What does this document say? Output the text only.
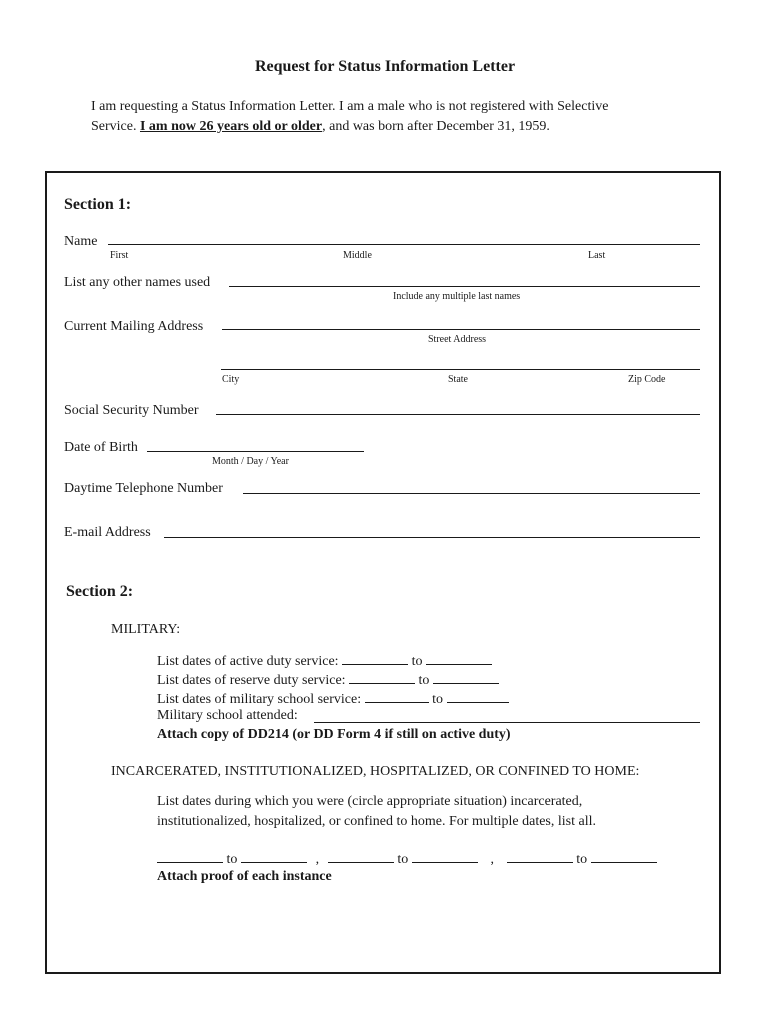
Request for Status Information Letter
I am requesting a Status Information Letter. I am a male who is not registered with Selective
Service. I am now 26 years old or older, and was born after December 31, 1959.
Section 1:
Name
First	Middle	Last
List any other names used
Include any multiple last names
Current Mailing Address
Street Address
City	State	Zip Code
Social Security Number
Date of Birth
Month / Day / Year
Daytime Telephone Number
E-mail Address
Section 2:
MILITARY:
List dates of active duty service:	to
List dates of reserve duty service:	to
List dates of military school service:	to
Military school attended:
Attach copy of DD214 (or DD Form 4 if still on active duty)
INCARCERATED, INSTITUTIONALIZED, HOSPITALIZED, OR CONFINED TO HOME:
List dates during which you were (circle appropriate situation) incarcerated,
institutionalized, hospitalized, or confined to home. For multiple dates, list all.
to	,	to	,	to
Attach proof of each instance
